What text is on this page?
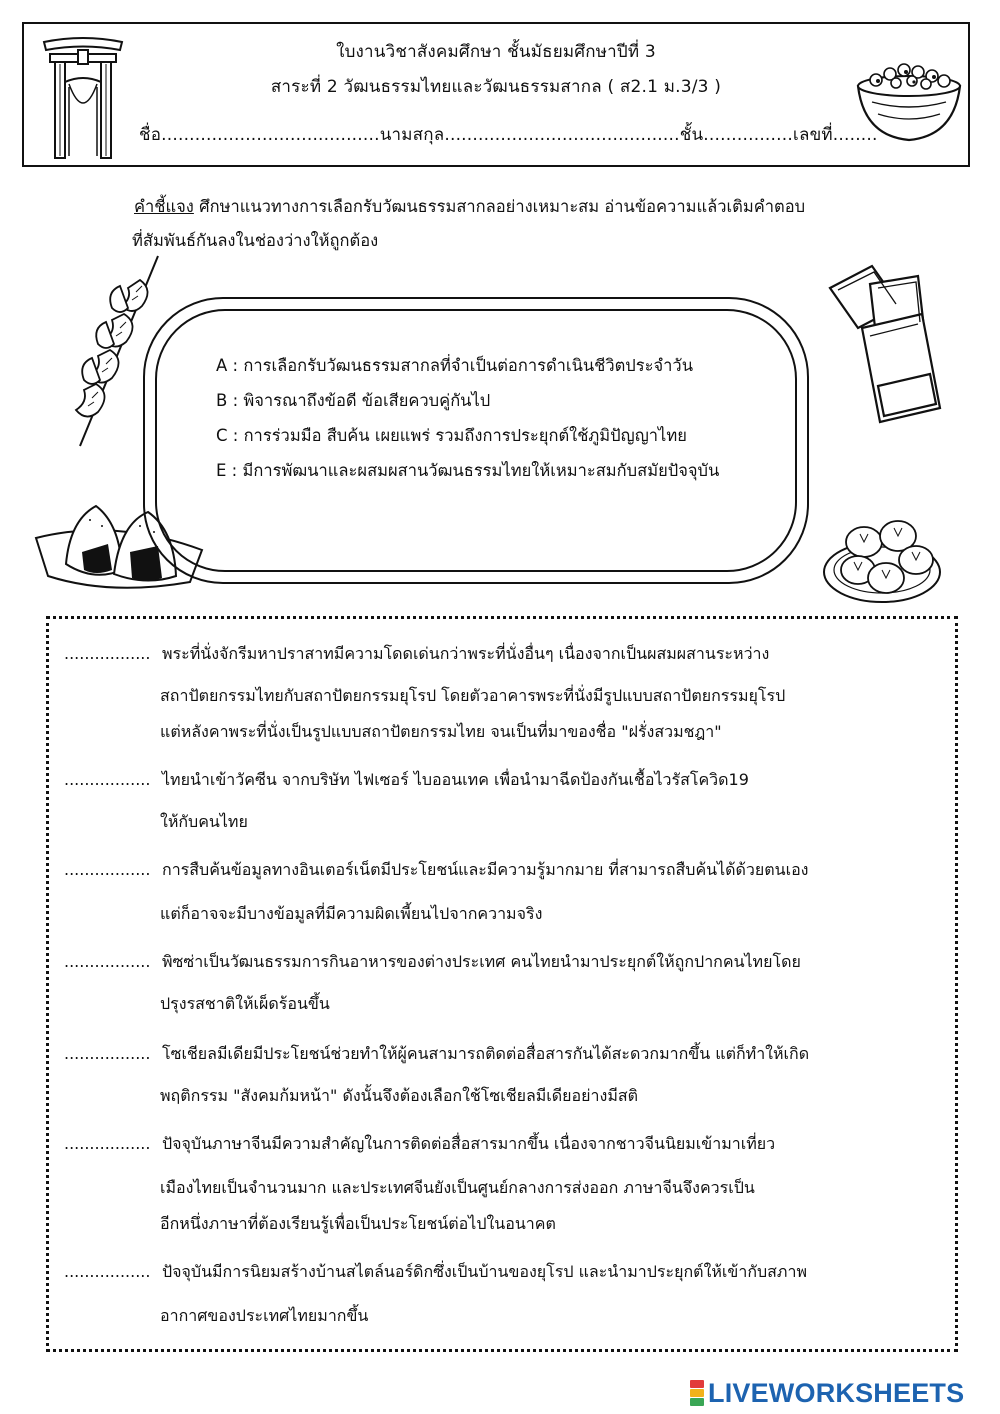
ใบงานวิชาสังคมศึกษา ชั้นมัธยมศึกษาปีที่ 3
สาระที่ 2 วัฒนธรรมไทยและวัฒนธรรมสากล ( ส2.1 ม.3/3 )
ชื่อ.......................................นามสกุล..........................................ชั้น................เลขที่........
คำชี้แจง ศึกษาแนวทางการเลือกรับวัฒนธรรมสากลอย่างเหมาะสม อ่านข้อความแล้วเติมคำตอบ
ที่สัมพันธ์กันลงในช่องว่างให้ถูกต้อง
A : การเลือกรับวัฒนธรรมสากลที่จำเป็นต่อการดำเนินชีวิตประจำวัน
B : พิจารณาถึงข้อดี ข้อเสียควบคู่กันไป
C : การร่วมมือ สืบค้น เผยแพร่ รวมถึงการประยุกต์ใช้ภูมิปัญญาไทย
E : มีการพัฒนาและผสมผสานวัฒนธรรมไทยให้เหมาะสมกับสมัยปัจจุบัน
................. พระที่นั่งจักรีมหาปราสาทมีความโดดเด่นกว่าพระที่นั่งอื่นๆ เนื่องจากเป็นผสมผสานระหว่าง
สถาปัตยกรรมไทยกับสถาปัตยกรรมยุโรป โดยตัวอาคารพระที่นั่งมีรูปแบบสถาปัตยกรรมยุโรป
แต่หลังคาพระที่นั่งเป็นรูปแบบสถาปัตยกรรมไทย จนเป็นที่มาของชื่อ "ฝรั่งสวมชฎา"
................. ไทยนำเข้าวัคซีน จากบริษัท ไฟเซอร์ ไบออนเทค เพื่อนำมาฉีดป้องกันเชื้อไวรัสโควิด19
ให้กับคนไทย
................. การสืบค้นข้อมูลทางอินเตอร์เน็ตมีประโยชน์และมีความรู้มากมาย ที่สามารถสืบค้นได้ด้วยตนเอง
แต่ก็อาจจะมีบางข้อมูลที่มีความผิดเพี้ยนไปจากความจริง
................. พิซซ่าเป็นวัฒนธรรมการกินอาหารของต่างประเทศ คนไทยนำมาประยุกต์ให้ถูกปากคนไทยโดย
ปรุงรสชาติให้เผ็ดร้อนขึ้น
................. โซเชียลมีเดียมีประโยชน์ช่วยทำให้ผู้คนสามารถติดต่อสื่อสารกันได้สะดวกมากขึ้น แต่ก็ทำให้เกิด
พฤติกรรม "สังคมก้มหน้า" ดังนั้นจึงต้องเลือกใช้โซเชียลมีเดียอย่างมีสติ
................. ปัจจุบันภาษาจีนมีความสำคัญในการติดต่อสื่อสารมากขึ้น เนื่องจากชาวจีนนิยมเข้ามาเที่ยว
เมืองไทยเป็นจำนวนมาก และประเทศจีนยังเป็นศูนย์กลางการส่งออก ภาษาจีนจึงควรเป็น
อีกหนึ่งภาษาที่ต้องเรียนรู้เพื่อเป็นประโยชน์ต่อไปในอนาคต
................. ปัจจุบันมีการนิยมสร้างบ้านสไตล์นอร์ดิกซึ่งเป็นบ้านของยุโรป และนำมาประยุกต์ให้เข้ากับสภาพ
อากาศของประเทศไทยมากขึ้น
LIVEWORKSHEETS
